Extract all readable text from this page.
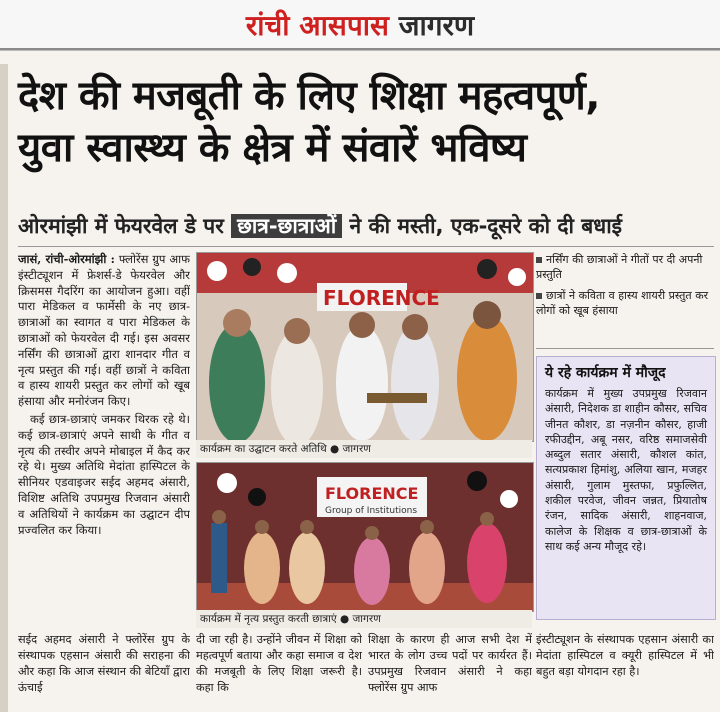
रांची आसपास जागरण
देश की मजबूती के लिए शिक्षा महत्वपूर्ण,
युवा स्वास्थ्य के क्षेत्र में संवारें भविष्य
ओरमांझी में फेयरवेल डे पर छात्र-छात्राओं ने की मस्ती, एक-दूसरे को दी बधाई

जासं, रांची-ओरमांझी : फ्लोरेंस ग्रुप आफ इंस्टीट्यूशन में फ्रेशर्स-डे फेयरवेल और क्रिसमस गैदरिंग का आयोजन हुआ। वहीं पारा मेडिकल व फार्मेसी के नए छात्र-छात्राओं का स्वागत व पारा मेडिकल के छात्राओं को फेयरवेल दी गई। इस अवसर नर्सिंग की छात्राओं द्वारा शानदार गीत व नृत्य प्रस्तुत की गई। वहीं छात्रों ने कविता व हास्य शायरी प्रस्तुत कर लोगों को खूब हंसाया और मनोरंजन किए।

कई छात्र-छात्राएं जमकर थिरक रहे थे। कई छात्र-छात्राएं अपने साथी के गीत व नृत्य की तस्वीर अपने मोबाइल में कैद कर रहे थे। मुख्य अतिथि मेदांता हास्पिटल के सीनियर एडवाइजर सईद अहमद अंसारी, विशिष्ट अतिथि उपप्रमुख रिजवान अंसारी व अतिथियों ने कार्यक्रम का उद्घाटन दीप प्रज्वलित कर किया।

FLORENCE
कार्यक्रम का उद्घाटन करते अतिथि ● जागरण
FLORENCE
Group of Institutions
कार्यक्रम में नृत्य प्रस्तुत करती छात्राएं ● जागरण
नर्सिंग की छात्राओं ने गीतों पर दी अपनी प्रस्तुति
छात्रों ने कविता व हास्य शायरी प्रस्तुत कर लोगों को खूब हंसाया
ये रहे कार्यक्रम में मौजूद
कार्यक्रम में मुख्य उपप्रमुख रिजवान अंसारी, निदेशक डा शाहीन कौसर, सचिव जीनत कौशर, डा नज़नीन कौसर, हाजी रफीउद्दीन, अबू नसर, वरिष्ठ समाजसेवी अब्दुल सतार अंसारी, कौशल कांत, सत्यप्रकाश हिमांशु, अलिया खान, मजहर अंसारी, गुलाम मुस्तफा, प्रफुल्लित, शकील परवेज, जीवन जन्नत, प्रियातोष रंजन, सादिक अंसारी, शाहनवाज, कालेज के शिक्षक व छात्र-छात्राओं के साथ कई अन्य मौजूद रहे।
सईद अहमद अंसारी ने फ्लोरेंस ग्रुप के संस्थापक एहसान अंसारी की सराहना की और कहा कि आज संस्थान की बेटियाँ द्वारा ऊंचाई
दी जा रही है। उन्होंने जीवन में शिक्षा को महत्वपूर्ण बताया और कहा समाज व देश की मजबूती के लिए शिक्षा जरूरी है। कहा कि
शिक्षा के कारण ही आज सभी देश में भारत के लोग उच्च पदों पर कार्यरत हैं। उपप्रमुख रिजवान अंसारी ने कहा फ्लोरेंस ग्रुप आफ
इंस्टीट्यूशन के संस्थापक एहसान अंसारी का मेदांता हास्पिटल व क्यूरी हास्पिटल में भी बहुत बड़ा योगदान रहा है।
